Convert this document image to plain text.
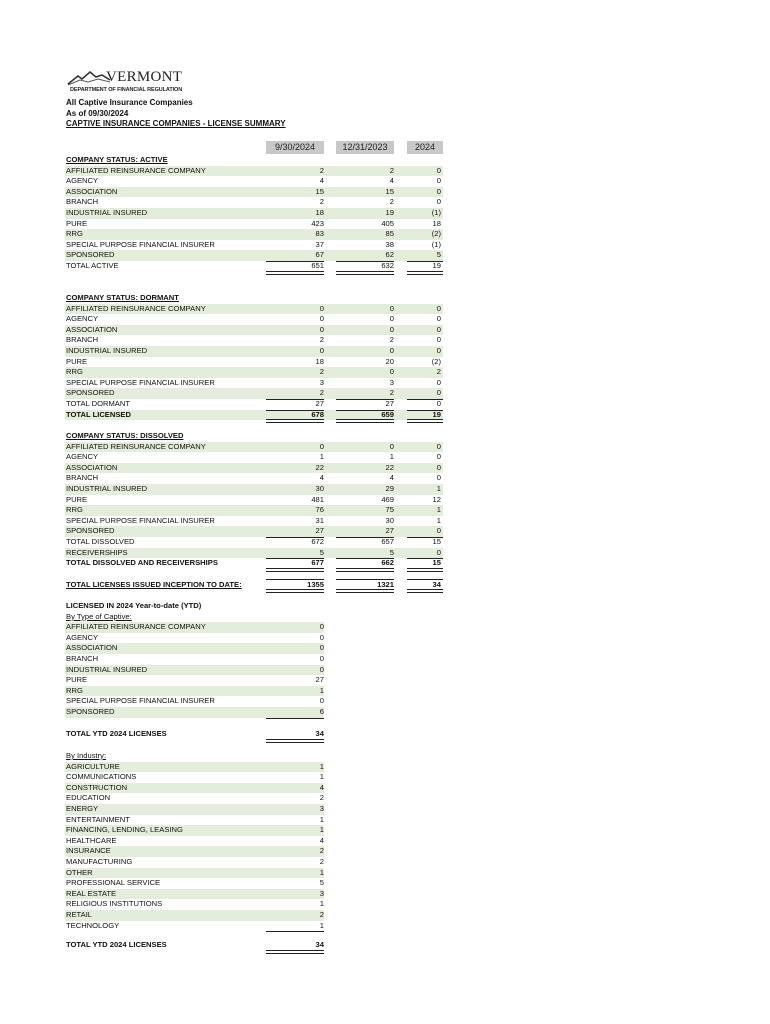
VERMONT
DEPARTMENT OF FINANCIAL REGULATION
All Captive Insurance Companies
As of 09/30/2024
CAPTIVE INSURANCE COMPANIES - LICENSE SUMMARY
9/30/2024	12/31/2023	2024
COMPANY STATUS: ACTIVE
AFFILIATED REINSURANCE COMPANY	2	2	0
AGENCY	4	4	0
ASSOCIATION	15	15	0
BRANCH	2	2	0
INDUSTRIAL INSURED	18	19	(1)
PURE	423	405	18
RRG	83	85	(2)
SPECIAL PURPOSE FINANCIAL INSURER	37	38	(1)
SPONSORED	67	62	5
TOTAL ACTIVE	651	632	19
COMPANY STATUS: DORMANT
AFFILIATED REINSURANCE COMPANY	0	0	0
AGENCY	0	0	0
ASSOCIATION	0	0	0
BRANCH	2	2	0
INDUSTRIAL INSURED	0	0	0
PURE	18	20	(2)
RRG	2	0	2
SPECIAL PURPOSE FINANCIAL INSURER	3	3	0
SPONSORED	2	2	0
TOTAL DORMANT	27	27	0
TOTAL LICENSED	678	659	19
COMPANY STATUS: DISSOLVED
AFFILIATED REINSURANCE COMPANY	0	0	0
AGENCY	1	1	0
ASSOCIATION	22	22	0
BRANCH	4	4	0
INDUSTRIAL INSURED	30	29	1
PURE	481	469	12
RRG	76	75	1
SPECIAL PURPOSE FINANCIAL INSURER	31	30	1
SPONSORED	27	27	0
TOTAL DISSOLVED	672	657	15
RECEIVERSHIPS	5	5	0
TOTAL DISSOLVED AND RECEIVERSHIPS	677	662	15
TOTAL LICENSES ISSUED INCEPTION TO DATE:	1355	1321	34
LICENSED IN 2024 Year-to-date (YTD)
By Type of Captive:
AFFILIATED REINSURANCE COMPANY	0
AGENCY	0
ASSOCIATION	0
BRANCH	0
INDUSTRIAL INSURED	0
PURE	27
RRG	1
SPECIAL PURPOSE FINANCIAL INSURER	0
SPONSORED	6
TOTAL YTD 2024 LICENSES	34
By Industry:
AGRICULTURE	1
COMMUNICATIONS	1
CONSTRUCTION	4
EDUCATION	2
ENERGY	3
ENTERTAINMENT	1
FINANCING, LENDING, LEASING	1
HEALTHCARE	4
INSURANCE	2
MANUFACTURING	2
OTHER	1
PROFESSIONAL SERVICE	5
REAL ESTATE	3
RELIGIOUS INSTITUTIONS	1
RETAIL	2
TECHNOLOGY	1
TOTAL YTD 2024 LICENSES	34
